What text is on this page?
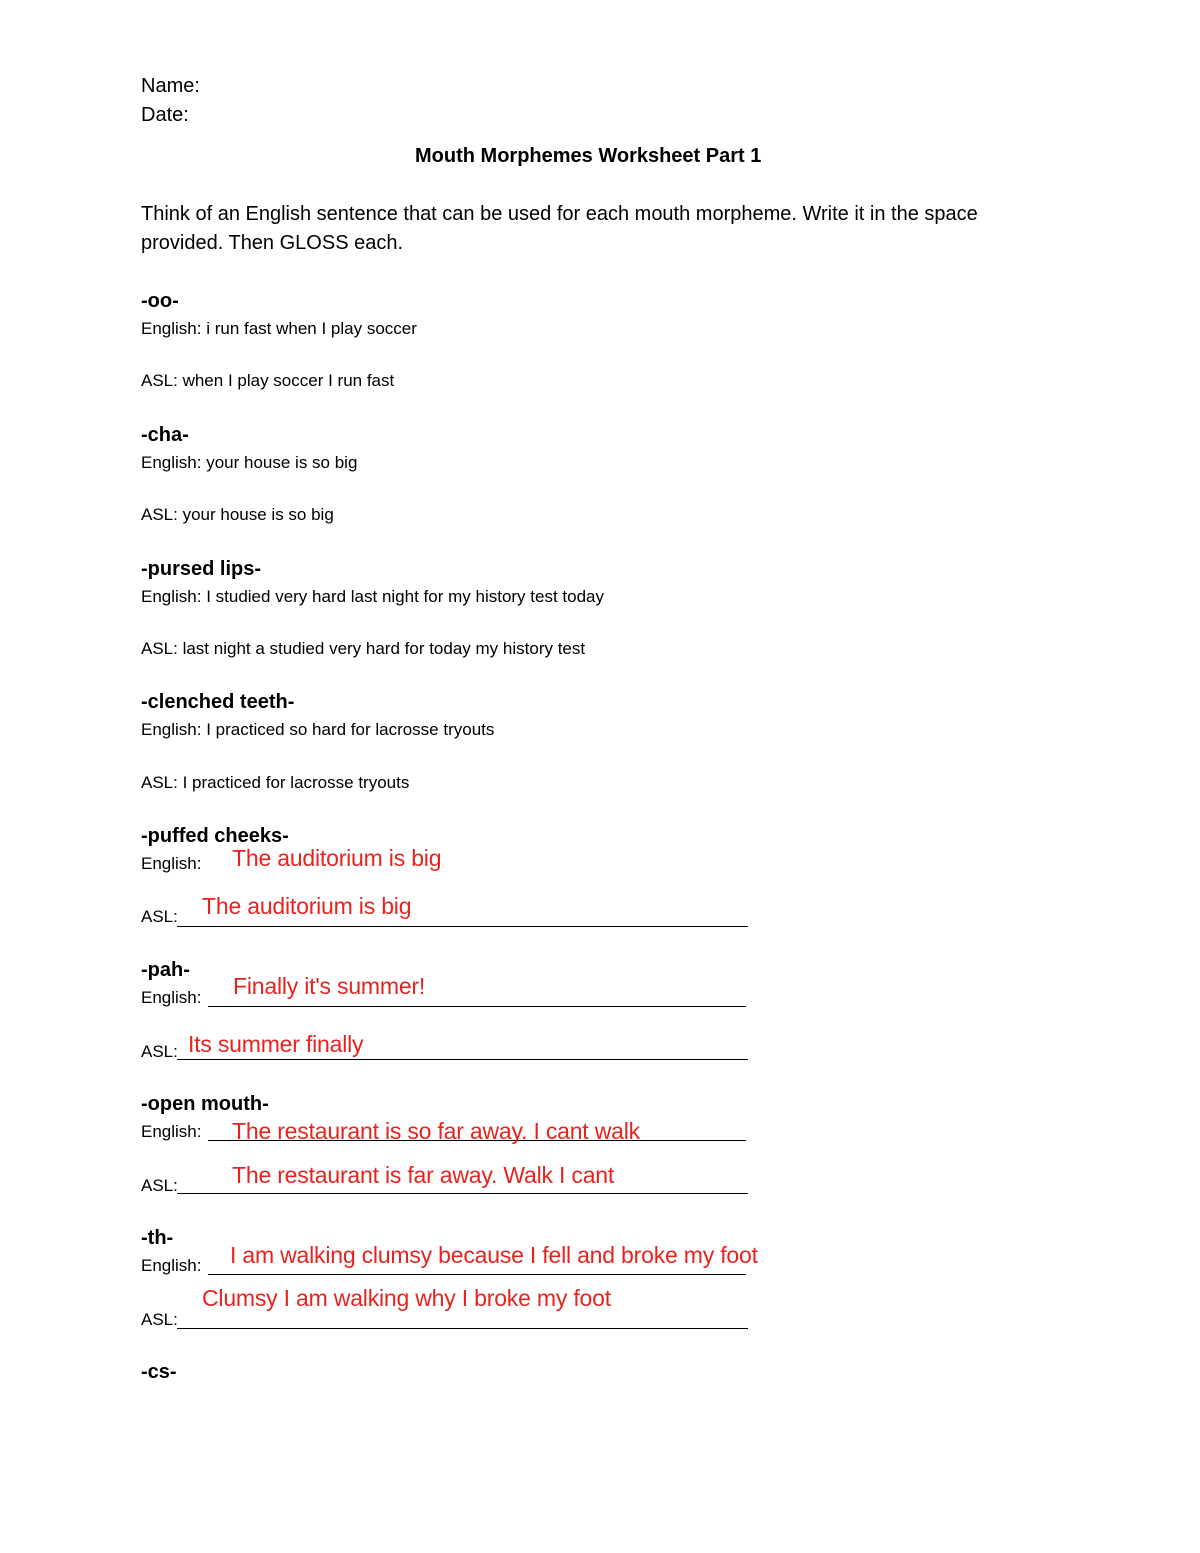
Name:
Date:
Mouth Morphemes Worksheet Part 1
Think of an English sentence that can be used for each mouth morpheme. Write it in the space
provided. Then GLOSS each.
-oo-
English: i run fast when I play soccer
ASL: when I play soccer I run fast
-cha-
English: your house is so big
ASL: your house is so big
-pursed lips-
English: I studied very hard last night for my history test today
ASL: last night a studied very hard for today my history test
-clenched teeth-
English: I practiced so hard for lacrosse tryouts
ASL: I practiced for lacrosse tryouts
-puffed cheeks-
English: The auditorium is big
ASL: The auditorium is big
-pah-
English: Finally it's summer!
ASL: Its summer finally
-open mouth-
English: The restaurant is so far away. I cant walk
ASL: The restaurant is far away. Walk I cant
-th-
English: I am walking clumsy because I fell and broke my foot
ASL:
Clumsy I am walking why I broke my foot
-cs-
